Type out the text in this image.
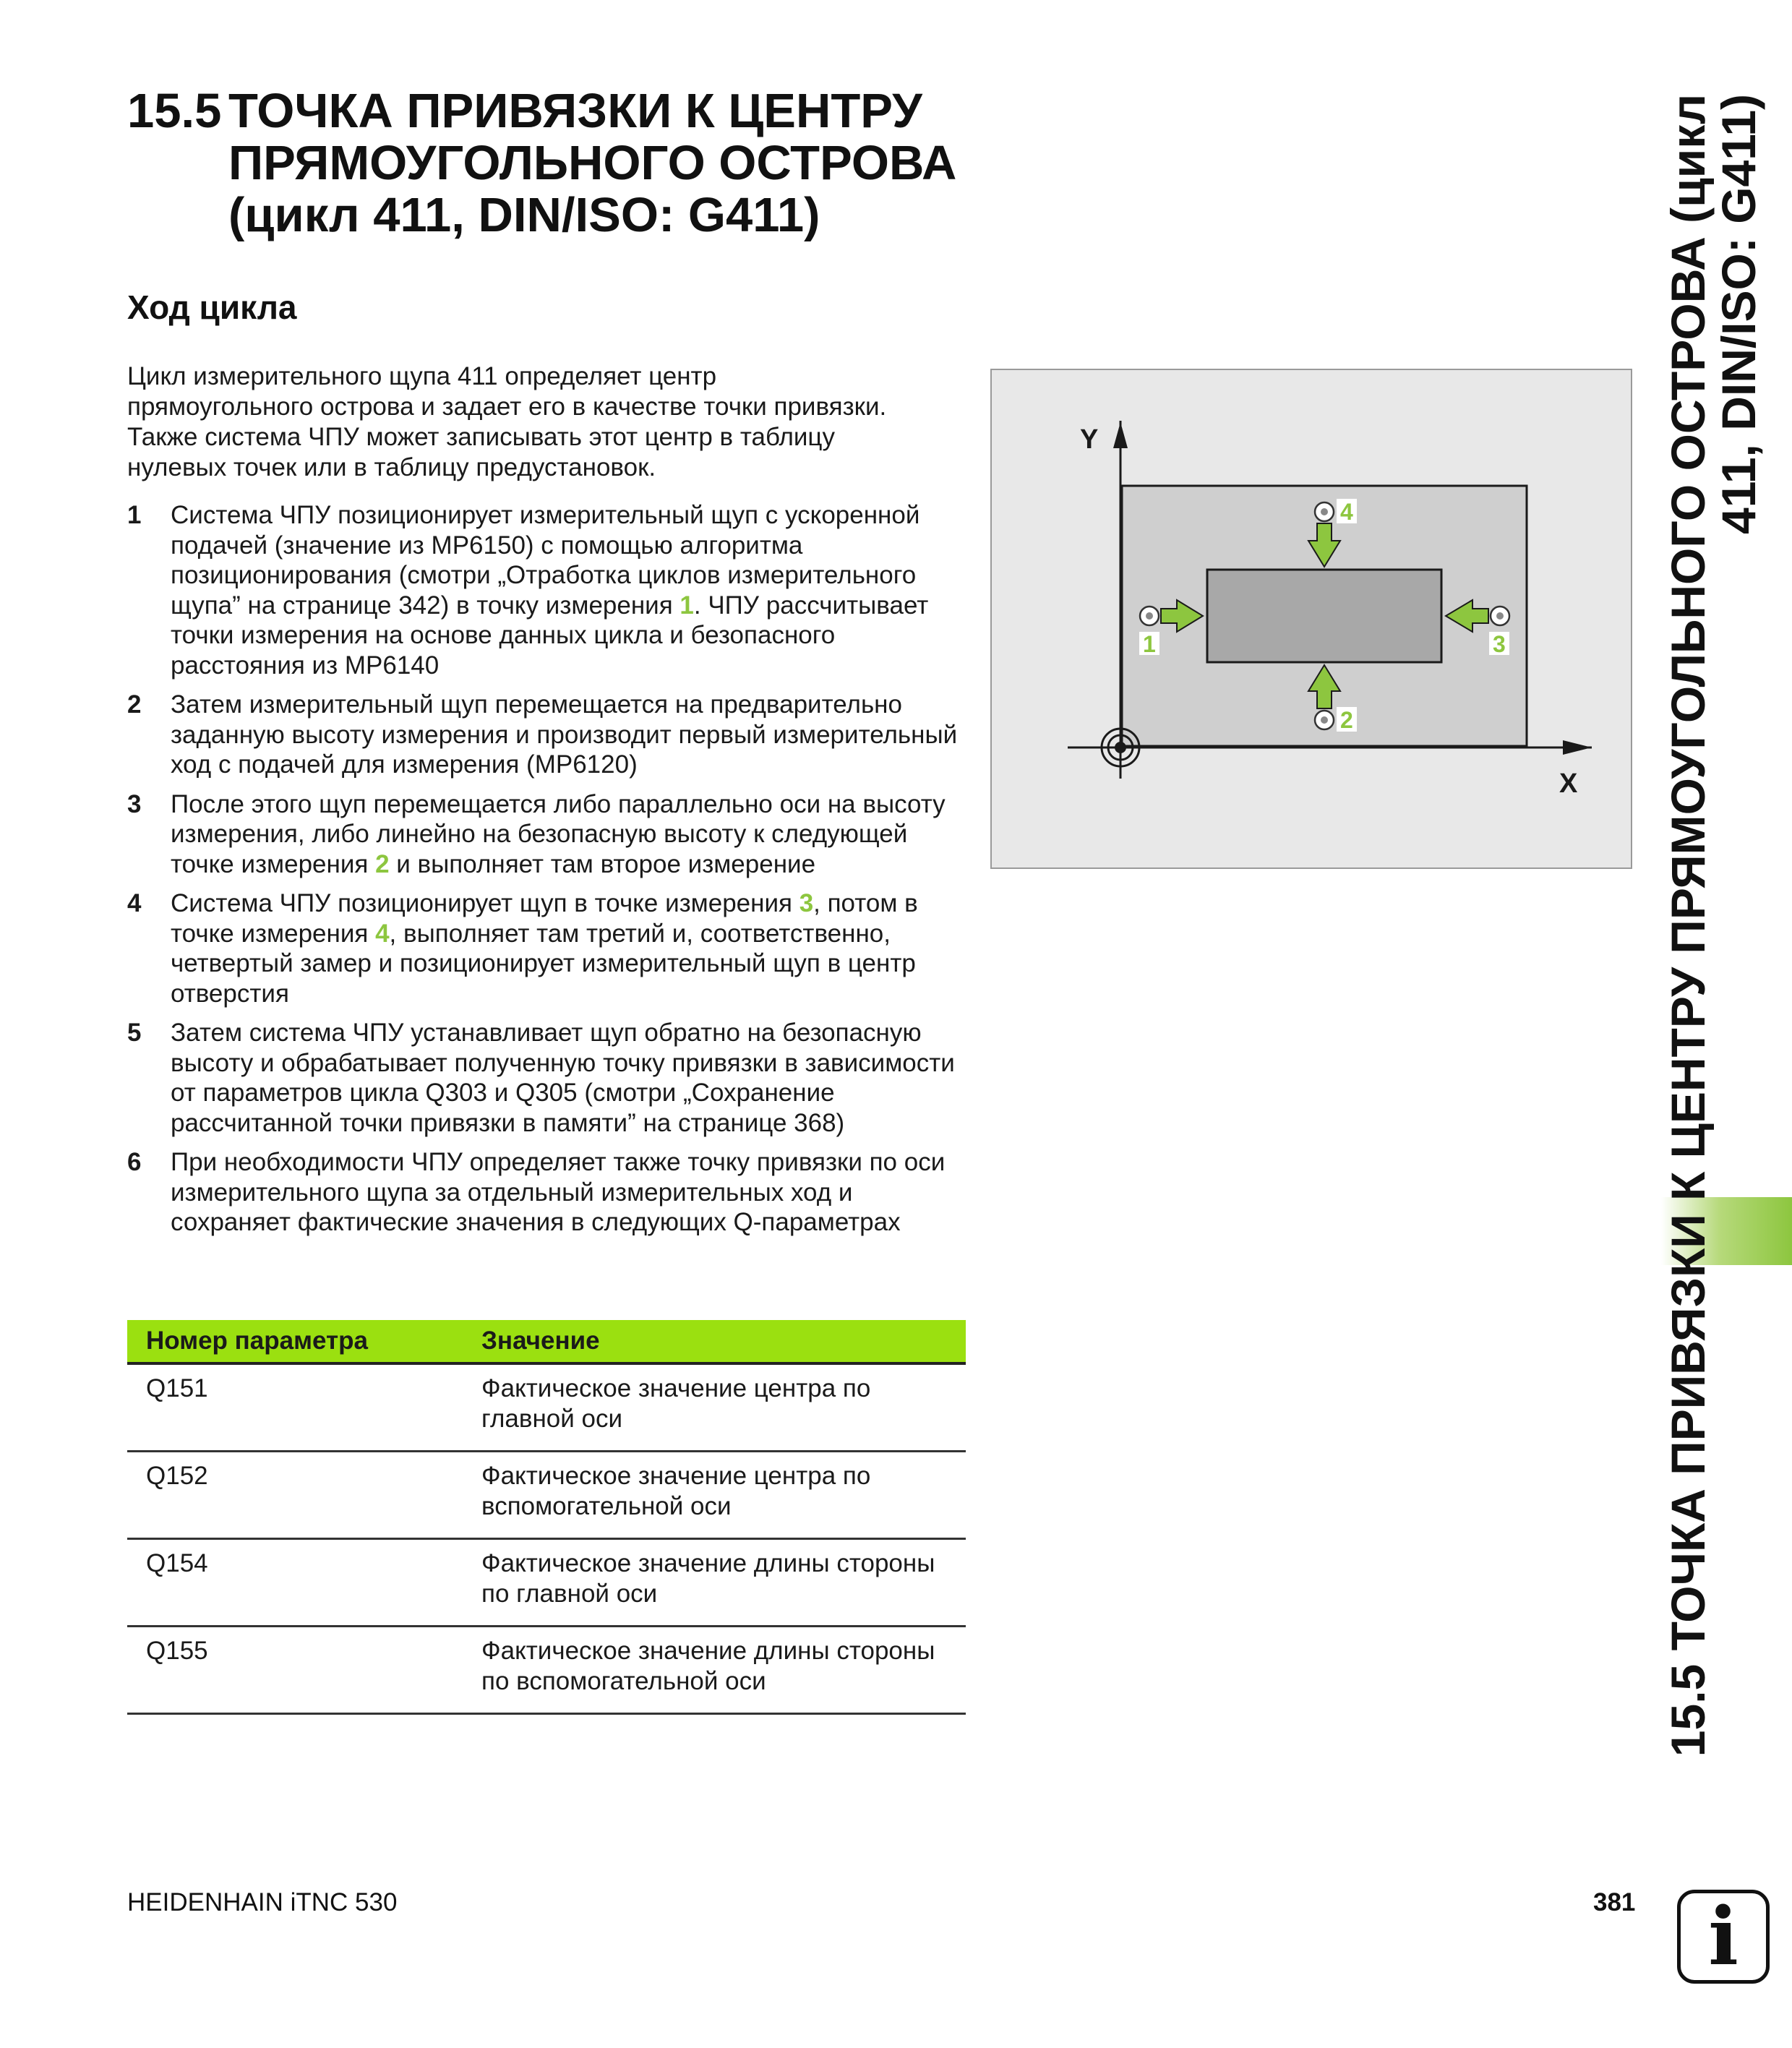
15.5 ТОЧКА ПРИВЯЗКИ К ЦЕНТРУ
ПРЯМОУГОЛЬНОГО ОСТРОВА
(цикл 411, DIN/ISO: G411)
Ход цикла

Цикл измерительного щупа 411 определяет центр
прямоугольного острова и задает его в качестве точки привязки.
Также система ЧПУ может записывать этот центр в таблицу
нулевых точек или в таблицу предустановок.

1 Система ЧПУ позиционирует измерительный щуп с ускоренной подачей (значение из MP6150) с помощью алгоритма позиционирования (смотри „Отработка циклов измерительного щупа” на странице 342) в точку измерения 1. ЧПУ рассчитывает точки измерения на основе данных цикла и безопасного расстояния из MP6140
2 Затем измерительный щуп перемещается на предварительно заданную высоту измерения и производит первый измерительный ход с подачей для измерения (MP6120)
3 После этого щуп перемещается либо параллельно оси на высоту измерения, либо линейно на безопасную высоту к следующей точке измерения 2 и выполняет там второе измерение
4 Система ЧПУ позиционирует щуп в точке измерения 3, потом в точке измерения 4, выполняет там третий и, соответственно, четвертый замер и позиционирует измерительный щуп в центр отверстия
5 Затем система ЧПУ устанавливает щуп обратно на безопасную высоту и обрабатывает полученную точку привязки в зависимости от параметров цикла Q303 и Q305 (смотри „Сохранение рассчитанной точки привязки в памяти” на странице 368)
6 При необходимости ЧПУ определяет также точку привязки по оси измерительного щупа за отдельный измерительных ход и сохраняет фактические значения в следующих Q-параметрах
Номер параметра	Значение
Q151	Фактическое значение центра по
главной оси
Q152	Фактическое значение центра по
вспомогательной оси
Q154	Фактическое значение длины стороны
по главной оси
Q155	Фактическое значение длины стороны
по вспомогательной оси
Y
X
1	3
4
2	15.5 ТОЧКА ПРИВЯЗКИ К ЦЕНТРУ ПРЯМОУГОЛЬНОГО ОСТРОВА (цикл 411, DIN/ISO: G411)
HEIDENHAIN iTNC 530	381 i
